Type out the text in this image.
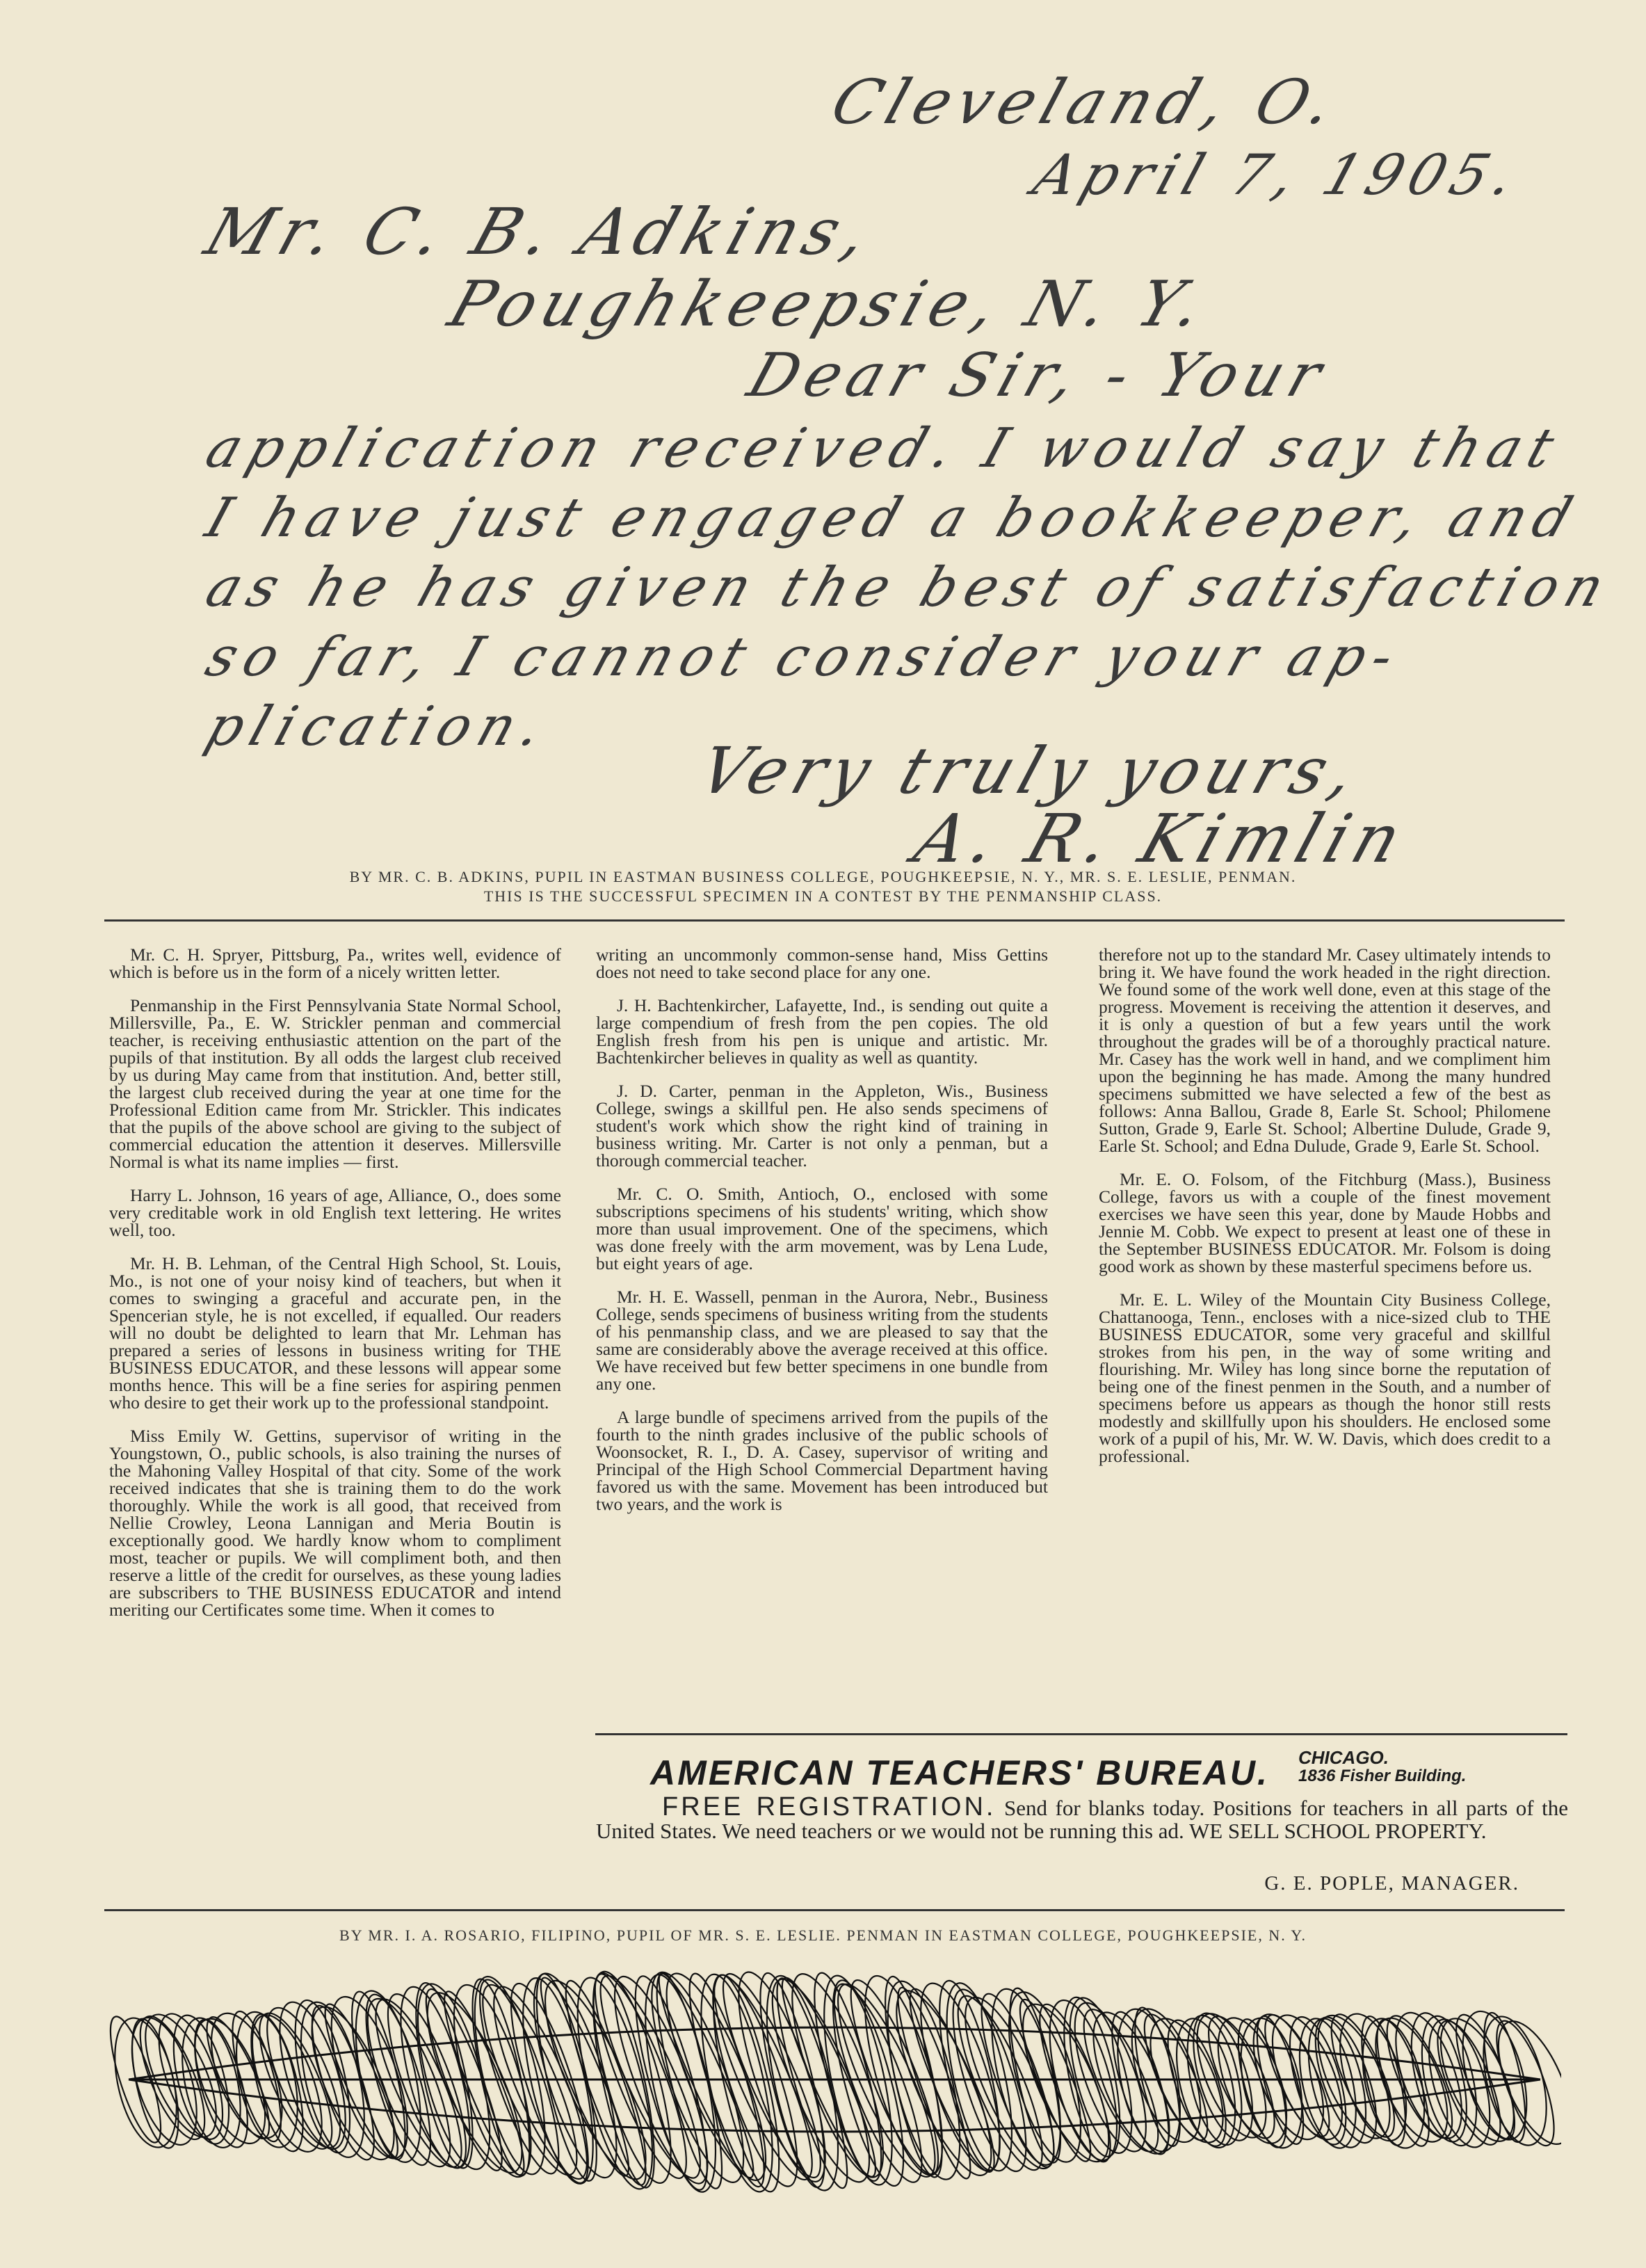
Cleveland, O.
April 7, 1905.
Mr. C. B. Adkins,
Poughkeepsie, N. Y.
Dear Sir, - Your
application received. I would say that
I have just engaged a bookkeeper, and
as he has given the best of satisfaction
so far, I cannot consider your ap-
plication.
Very truly yours,
A. R. Kimlin
BY MR. C. B. ADKINS, PUPIL IN EASTMAN BUSINESS COLLEGE, POUGHKEEPSIE, N. Y., MR. S. E. LESLIE, PENMAN.
THIS IS THE SUCCESSFUL SPECIMEN IN A CONTEST BY THE PENMANSHIP CLASS.

Mr. C. H. Spryer, Pittsburg, Pa., writes well, evidence of which is before us in the form of a nicely written letter.

Penmanship in the First Pennsylvania State Normal School, Millersville, Pa., E. W. Strickler penman and commercial teacher, is receiving enthusiastic attention on the part of the pupils of that institution. By all odds the largest club received by us during May came from that institution. And, better still, the largest club received during the year at one time for the Professional Edition came from Mr. Strickler. This indicates that the pupils of the above school are giving to the subject of commercial education the attention it deserves. Millersville Normal is what its name implies — first.

Harry L. Johnson, 16 years of age, Alliance, O., does some very creditable work in old English text lettering. He writes well, too.

Mr. H. B. Lehman, of the Central High School, St. Louis, Mo., is not one of your noisy kind of teachers, but when it comes to swinging a graceful and accurate pen, in the Spencerian style, he is not excelled, if equalled. Our readers will no doubt be delighted to learn that Mr. Lehman has prepared a series of lessons in business writing for THE BUSINESS EDUCATOR, and these lessons will appear some months hence. This will be a fine series for aspiring penmen who desire to get their work up to the professional standpoint.

Miss Emily W. Gettins, supervisor of writing in the Youngstown, O., public schools, is also training the nurses of the Mahoning Valley Hospital of that city. Some of the work received indicates that she is training them to do the work thoroughly. While the work is all good, that received from Nellie Crowley, Leona Lannigan and Meria Boutin is exceptionally good. We hardly know whom to compliment most, teacher or pupils. We will compliment both, and then reserve a little of the credit for ourselves, as these young ladies are subscribers to THE BUSINESS EDUCATOR and intend meriting our Certificates some time. When it comes to

writing an uncommonly common-sense hand, Miss Gettins does not need to take second place for any one.

J. H. Bachtenkircher, Lafayette, Ind., is sending out quite a large compendium of fresh from the pen copies. The old English fresh from his pen is unique and artistic. Mr. Bachtenkircher believes in quality as well as quantity.

J. D. Carter, penman in the Appleton, Wis., Business College, swings a skillful pen. He also sends specimens of student's work which show the right kind of training in business writing. Mr. Carter is not only a penman, but a thorough commercial teacher.

Mr. C. O. Smith, Antioch, O., enclosed with some subscriptions specimens of his students' writing, which show more than usual improvement. One of the specimens, which was done freely with the arm movement, was by Lena Lude, but eight years of age.

Mr. H. E. Wassell, penman in the Aurora, Nebr., Business College, sends specimens of business writing from the students of his penmanship class, and we are pleased to say that the same are considerably above the average received at this office. We have received but few better specimens in one bundle from any one.

A large bundle of specimens arrived from the pupils of the fourth to the ninth grades inclusive of the public schools of Woonsocket, R. I., D. A. Casey, supervisor of writing and Principal of the High School Commercial Department having favored us with the same. Movement has been introduced but two years, and the work is

therefore not up to the standard Mr. Casey ultimately intends to bring it. We have found the work headed in the right direction. We found some of the work well done, even at this stage of the progress. Movement is receiving the attention it deserves, and it is only a question of but a few years until the work throughout the grades will be of a thoroughly practical nature. Mr. Casey has the work well in hand, and we compliment him upon the beginning he has made. Among the many hundred specimens submitted we have selected a few of the best as follows: Anna Ballou, Grade 8, Earle St. School; Philomene Sutton, Grade 9, Earle St. School; Albertine Dulude, Grade 9, Earle St. School; and Edna Dulude, Grade 9, Earle St. School.

Mr. E. O. Folsom, of the Fitchburg (Mass.), Business College, favors us with a couple of the finest movement exercises we have seen this year, done by Maude Hobbs and Jennie M. Cobb. We expect to present at least one of these in the September BUSINESS EDUCATOR. Mr. Folsom is doing good work as shown by these masterful specimens before us.

Mr. E. L. Wiley of the Mountain City Business College, Chattanooga, Tenn., encloses with a nice-sized club to THE BUSINESS EDUCATOR, some very graceful and skillful strokes from his pen, in the way of some writing and flourishing. Mr. Wiley has long since borne the reputation of being one of the finest penmen in the South, and a number of specimens before us appears as though the honor still rests modestly and skillfully upon his shoulders. He enclosed some work of a pupil of his, Mr. W. W. Davis, which does credit to a professional.

AMERICAN TEACHERS' BUREAU. CHICAGO.
1836 Fisher Building.
FREE REGISTRATION. Send for blanks today. Positions for teachers in all parts of the United States. We need teachers or we would not be running this ad. WE SELL SCHOOL PROPERTY.
G. E. POPLE, MANAGER.
BY MR. I. A. ROSARIO, FILIPINO, PUPIL OF MR. S. E. LESLIE. PENMAN IN EASTMAN COLLEGE, POUGHKEEPSIE, N. Y.
